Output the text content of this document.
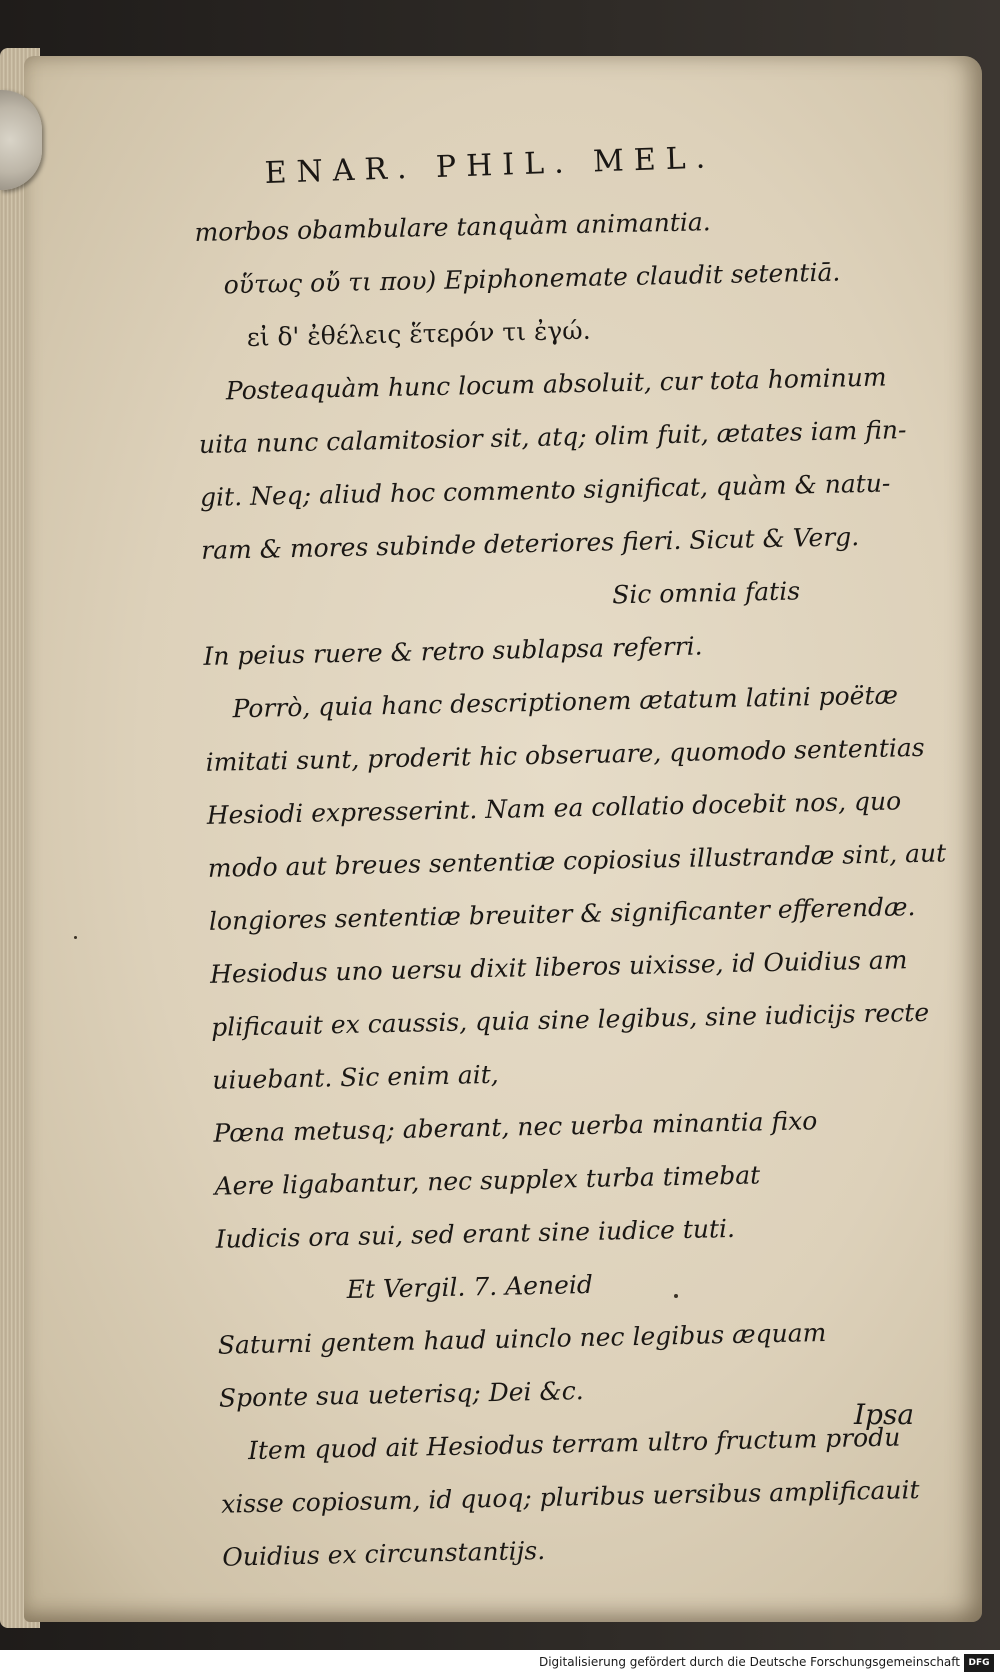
ENAR. PHIL. MEL.
morbos obambulare tanquàm animantia.
οὕτως οὔ τι που) Epiphonemate claudit setentiā.
εἰ δ' ἐθέλεις ἕτερόν τι ἐγώ.
Posteaquàm hunc locum absoluit, cur tota hominum
uita nunc calamitosior sit, atq; olim fuit, ætates iam fin-
git. Neq; aliud hoc commento significat, quàm & natu-
ram & mores subinde deteriores fieri. Sicut & Verg.
Sic omnia fatis
In peius ruere & retro sublapsa referri.
Porrò, quia hanc descriptionem ætatum latini poëtæ
imitati sunt, proderit hic obseruare, quomodo sententias
Hesiodi expresserint. Nam ea collatio docebit nos, quo
modo aut breues sententiæ copiosius illustrandæ sint, aut
longiores sententiæ breuiter & significanter efferendæ.
Hesiodus uno uersu dixit liberos uixisse, id Ouidius am
plificauit ex caussis, quia sine legibus, sine iudicijs recte
uiuebant. Sic enim ait,
Pœna metusq; aberant, nec uerba minantia fixo
Aere ligabantur, nec supplex turba timebat
Iudicis ora sui, sed erant sine iudice tuti.
Et Vergil. 7. Aeneid
Saturni gentem haud uinclo nec legibus æquam
Sponte sua ueterisq; Dei &c.
Item quod ait Hesiodus terram ultro fructum produ
xisse copiosum, id quoq; pluribus uersibus amplificauit
Ouidius ex circunstantijs.
Ipsa
Digitalisierung gefördert durch die Deutsche Forschungsgemeinschaft DFG
